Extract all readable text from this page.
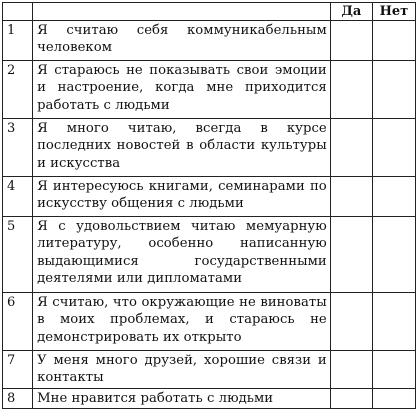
		Да	Нет
1	Я считаю себя коммуникабельным человеком		
2	Я стараюсь не показывать свои эмоции и настроение, когда мне приходится работать с людьми		
3	Я много читаю, всегда в курсе последних новостей в области культуры и искусства		
4	Я интересуюсь книгами, семинарами по искусству общения с людьми		
5	Я с удовольствием читаю мемуарную литературу, особенно написанную выдающимися государственными деятелями или дипломатами		
6	Я считаю, что окружающие не виноваты в моих проблемах, и стараюсь не демонстрировать их открыто		
7	У меня много друзей, хорошие связи и контакты		
8	Мне нравится работать с людьми		
